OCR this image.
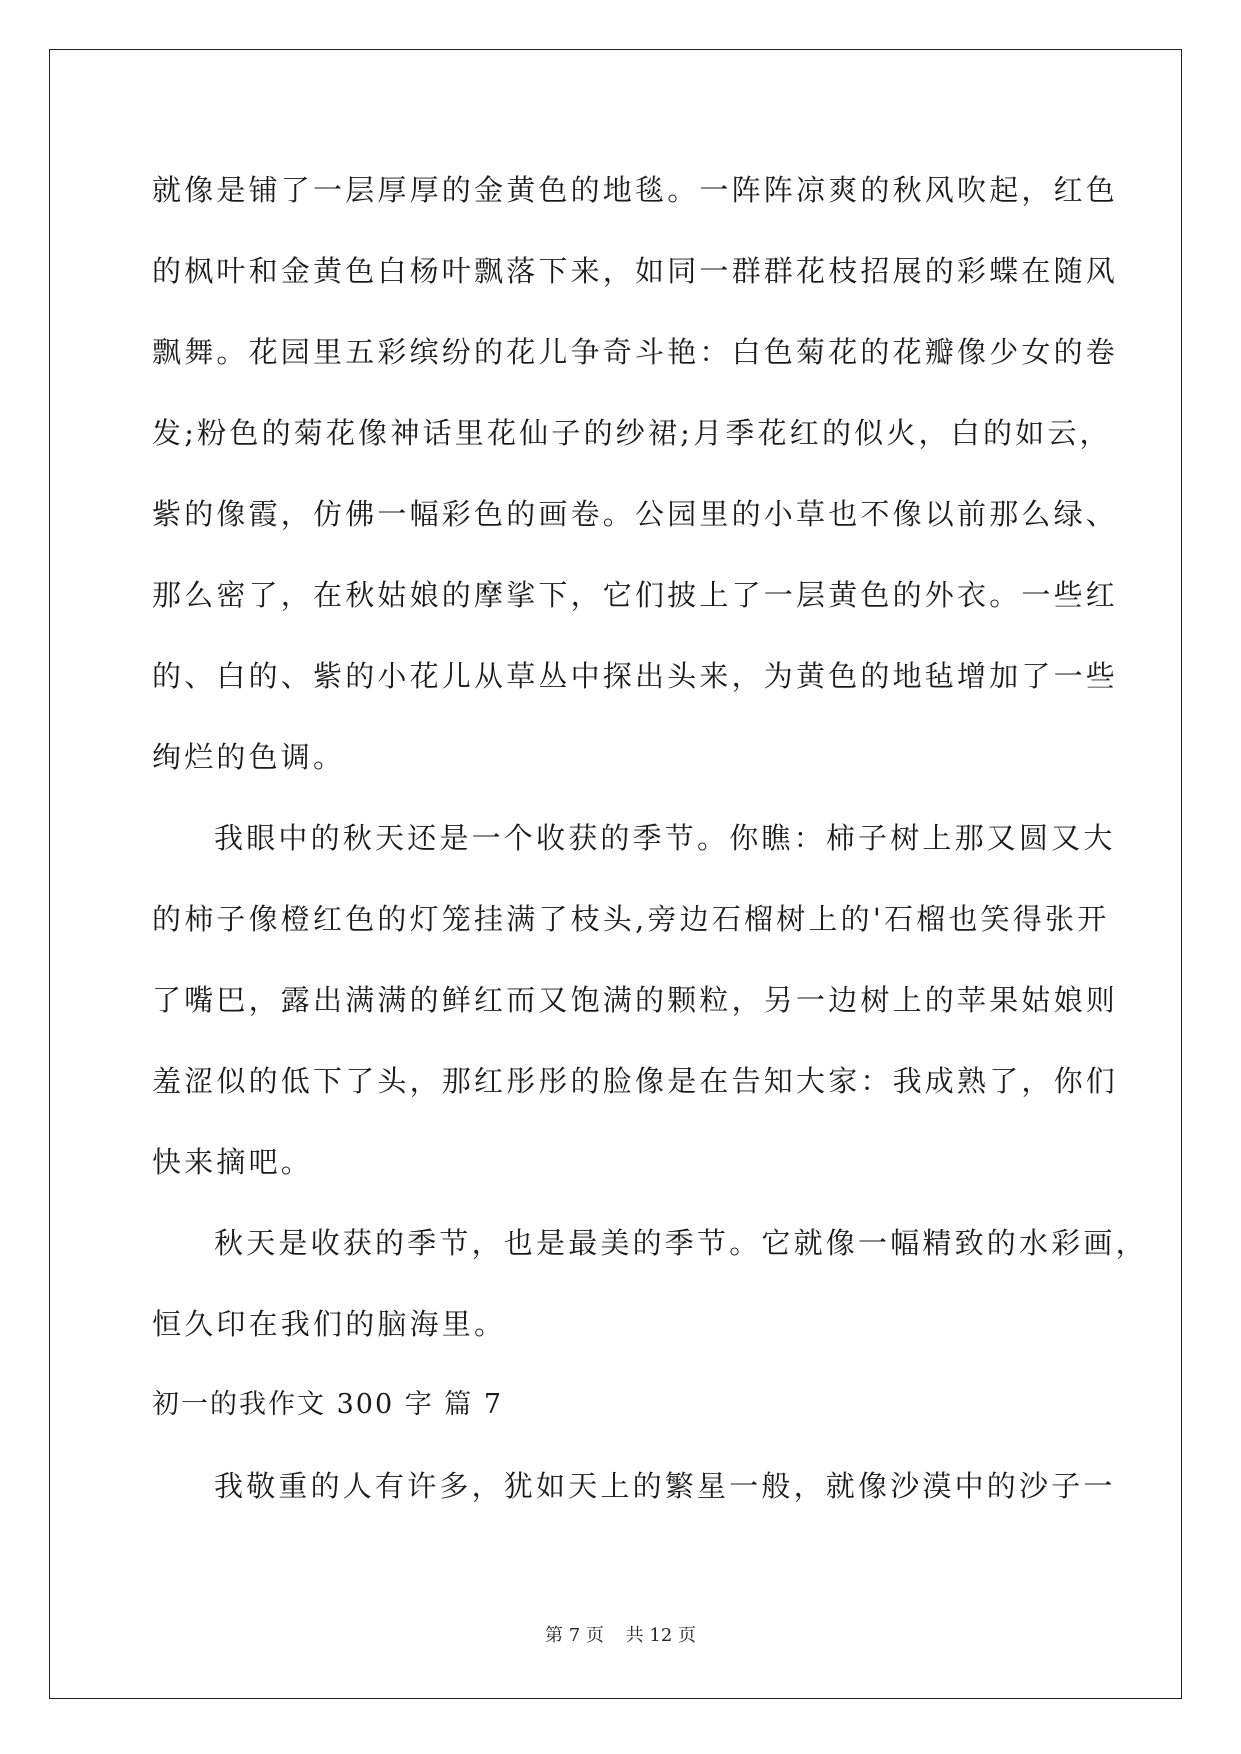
就像是铺了一层厚厚的金黄色的地毯。一阵阵凉爽的秋风吹起，红色
的枫叶和金黄色白杨叶飘落下来，如同一群群花枝招展的彩蝶在随风
飘舞。花园里五彩缤纷的花儿争奇斗艳：白色菊花的花瓣像少女的卷
发;粉色的菊花像神话里花仙子的纱裙;月季花红的似火，白的如云，
紫的像霞，仿佛一幅彩色的画卷。公园里的小草也不像以前那么绿、
那么密了，在秋姑娘的摩挲下，它们披上了一层黄色的外衣。一些红
的、白的、紫的小花儿从草丛中探出头来，为黄色的地毡增加了一些
绚烂的色调。
我眼中的秋天还是一个收获的季节。你瞧：柿子树上那又圆又大
的柿子像橙红色的灯笼挂满了枝头,旁边石榴树上的'石榴也笑得张开
了嘴巴，露出满满的鲜红而又饱满的颗粒，另一边树上的苹果姑娘则
羞涩似的低下了头，那红彤彤的脸像是在告知大家：我成熟了，你们
快来摘吧。
秋天是收获的季节，也是最美的季节。它就像一幅精致的水彩画，
恒久印在我们的脑海里。
初一的我作文 300 字 篇 7
我敬重的人有许多，犹如天上的繁星一般，就像沙漠中的沙子一
第 7 页 共 12 页
